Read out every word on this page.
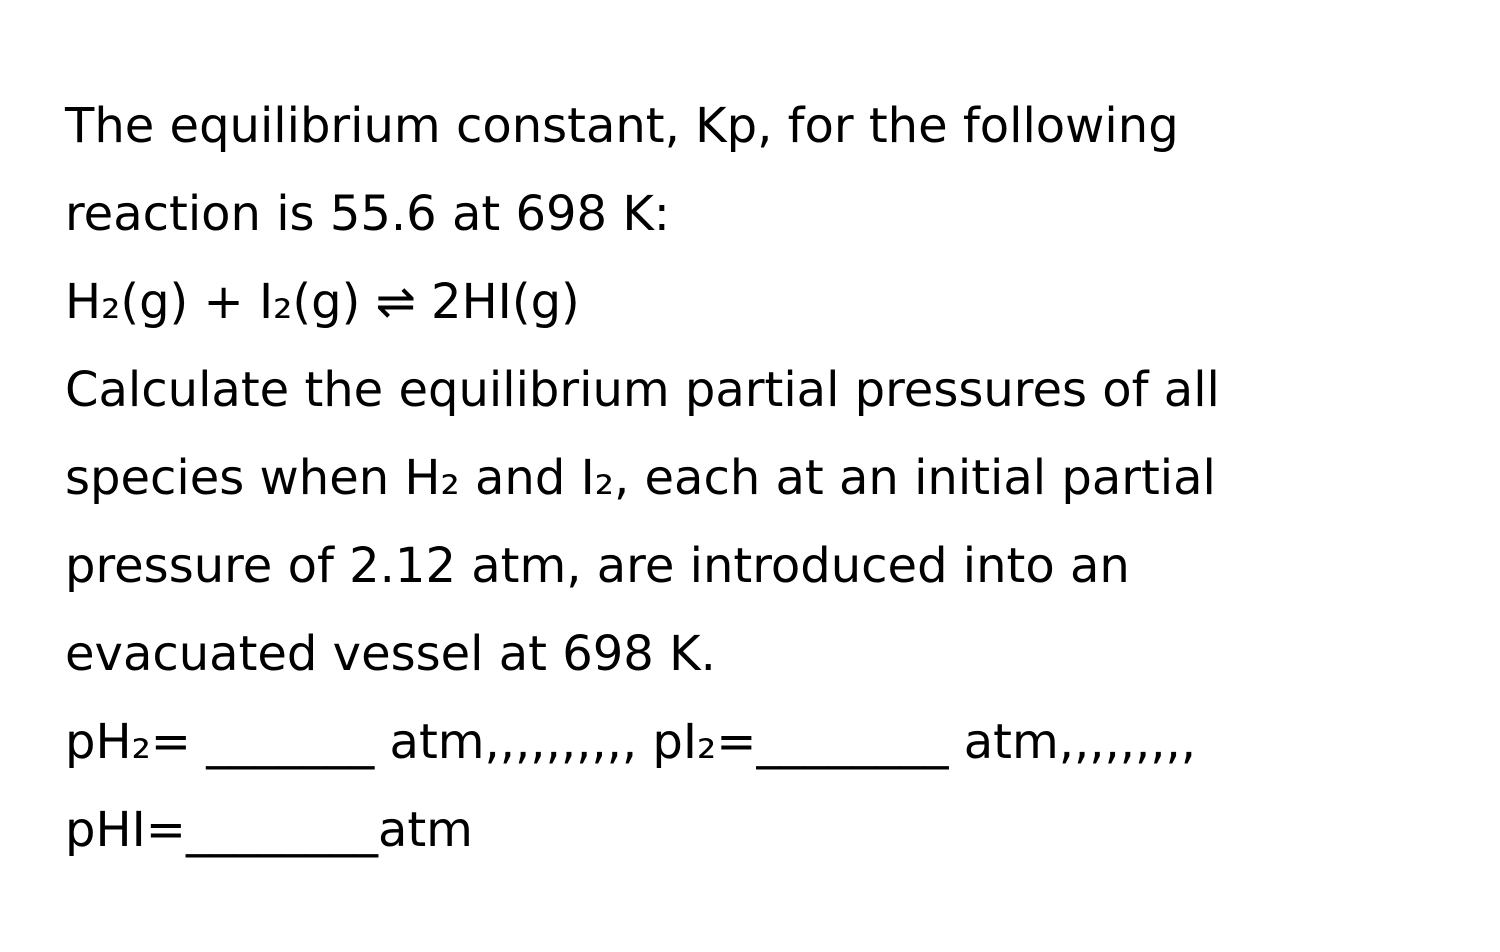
The equilibrium constant, Kp, for the following
reaction is 55.6 at 698 K:
H₂(g) + I₂(g) ⇌ 2HI(g)
Calculate the equilibrium partial pressures of all
species when H₂ and I₂, each at an initial partial
pressure of 2.12 atm, are introduced into an
evacuated vessel at 698 K.
pH₂= _______ atm,,,,,,,,,, pI₂=________ atm,,,,,,,,,
pHI=________atm
